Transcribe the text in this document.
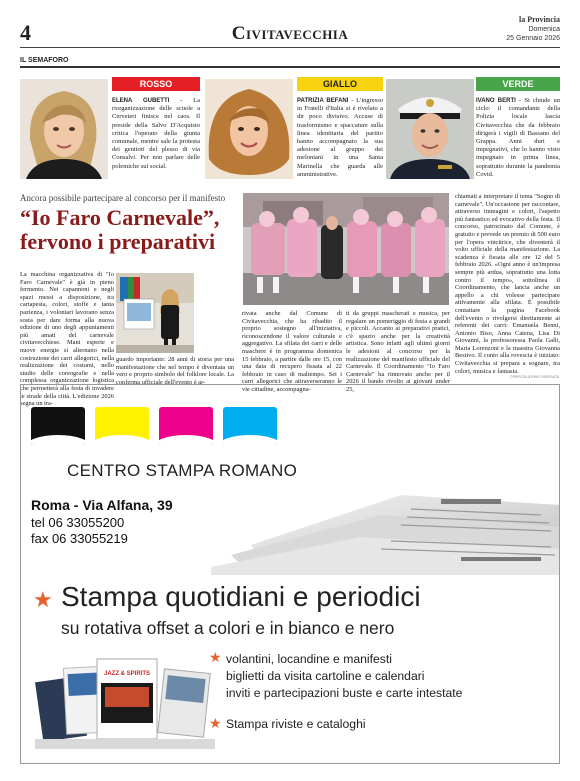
4	Civitavecchia
la Provincia
Domenica
25 Gennaio 2026
IL SEMAFORO
ROSSO
ELENA GUBETTI - La riorganizzazione delle scuole a Cerveteri finisce nel caos. Il preside della Salvo D'Acquisto critica l'operato della giunta comunale, mentre sale la protesta dei genitori del plesso di via Consalvi. Per non parlare delle polemiche sui social.
GIALLO
PATRIZIA BEFANI - L'ingresso in Fratelli d'Italia si è rivelato a dir poco divisivo. Accuse di trasformismo e spaccature sulla linea identitaria del partito hanno accompagnato la sua adesione al gruppo dei meloniani in una Santa Marinella che guarda alle amministrative.
VERDE
IVANO BERTI - Si chiude un ciclo: il comandante della Polizia locale lascia Civitavecchia che da febbraio dirigerà i vigili di Bassano del Grappa. Anni duri e impegnativi, che lo hanno visto impegnato in prima linea, soprattutto durante la pandemia Covid.
Ancora possibile partecipare al concorso per il manifesto
“Io Faro Carnevale”, fervono i preparativi
La macchina organizzativa di "Io Faro Carnevale" è già in pieno fermento. Nei capannoni e negli spazi messi a disposizione, tra cartapesta, colori, stoffe e tanta pazienza, i volontari lavorano senza sosta per dare forma alla nuova edizione di uno degli appuntamenti più amati del carnevale civitavecchiese. Mani esperte e nuove energie si alternano nella costruzione dei carri allegorici, nella realizzazione dei costumi, nello studio delle coreografie e nella complessa organizzazione logistica che permetterà alla festa di invadere le strade della città. L'edizione 2026 segna un tra-
guardo importante: 28 anni di storia per una manifestazione che nel tempo è diventata un vero e proprio simbolo del folklore locale. La conferma ufficiale dell'evento è ar-
rivata anche dal Comune di Civitavecchia, che ha ribadito il proprio sostegno all'iniziativa, riconoscendone il valore culturale e aggregativo. La sfilata dei carri e delle maschere è in programma domenica 15 febbraio, a partire dalle ore 15, con una data di recupero fissata al 22 febbraio in caso di maltempo. Sei i carri allegorici che attraverseranno le vie cittadine, accompagna-
ti da gruppi mascherati e musica, per regalare un pomeriggio di festa a grandi e piccoli. Accanto ai preparativi pratici, c'è spazio anche per la creatività artistica. Sono infatti agli ultimi giorni le adesioni al concorso per la realizzazione del manifesto ufficiale del Carnevale. Il Coordinamento "Io Faro Carnevale" ha rinnovato anche per il 2026 il bando rivolto ai giovani under 25,
chiamati a interpretare il tema "Sogno di carnevale". Un'occasione per raccontare, attraverso immagini e colori, l'aspetto più fantastico ed evocativo della festa. Il concorso, patrocinato dal Comune, è gratuito e prevede un premio di 500 euro per l'opera vincitrice, che diventerà il volto ufficiale della manifestazione. La scadenza è fissata alle ore 12 del 5 febbraio 2026. «Ogni anno è un'impresa sempre più ardua, soprattutto una lotta contro il tempo», sottolinea il Coordinamento, che lancia anche un appello a chi volesse partecipare attivamente alla sfilata. È possibile contattare la pagina Facebook dell'evento o rivolgersi direttamente ai referenti dei carri: Emanuela Benni, Antonio Biso, Anna Catena, Lisa Di Giovanni, la professoressa Paola Galli, Maria Lorenzoni e la maestra Giovanna Bestivo. Il conto alla rovescia è iniziato: Civitavecchia si prepara a sognare, tra colori, musica e fantasia.
©RIPRODUZIONE RISERVATA
CENTRO STAMPA ROMANO
Roma - Via Alfana, 39
tel 06 33055200
fax 06 33055219
★ Stampa quotidiani e periodici
su rotativa offset a colori e in bianco e nero
JAZZ & SPIRITS
★ volantini, locandine e manifesti
biglietti da visita cartoline e calendari
inviti e partecipazioni buste e carte intestate
★ Stampa riviste e cataloghi
